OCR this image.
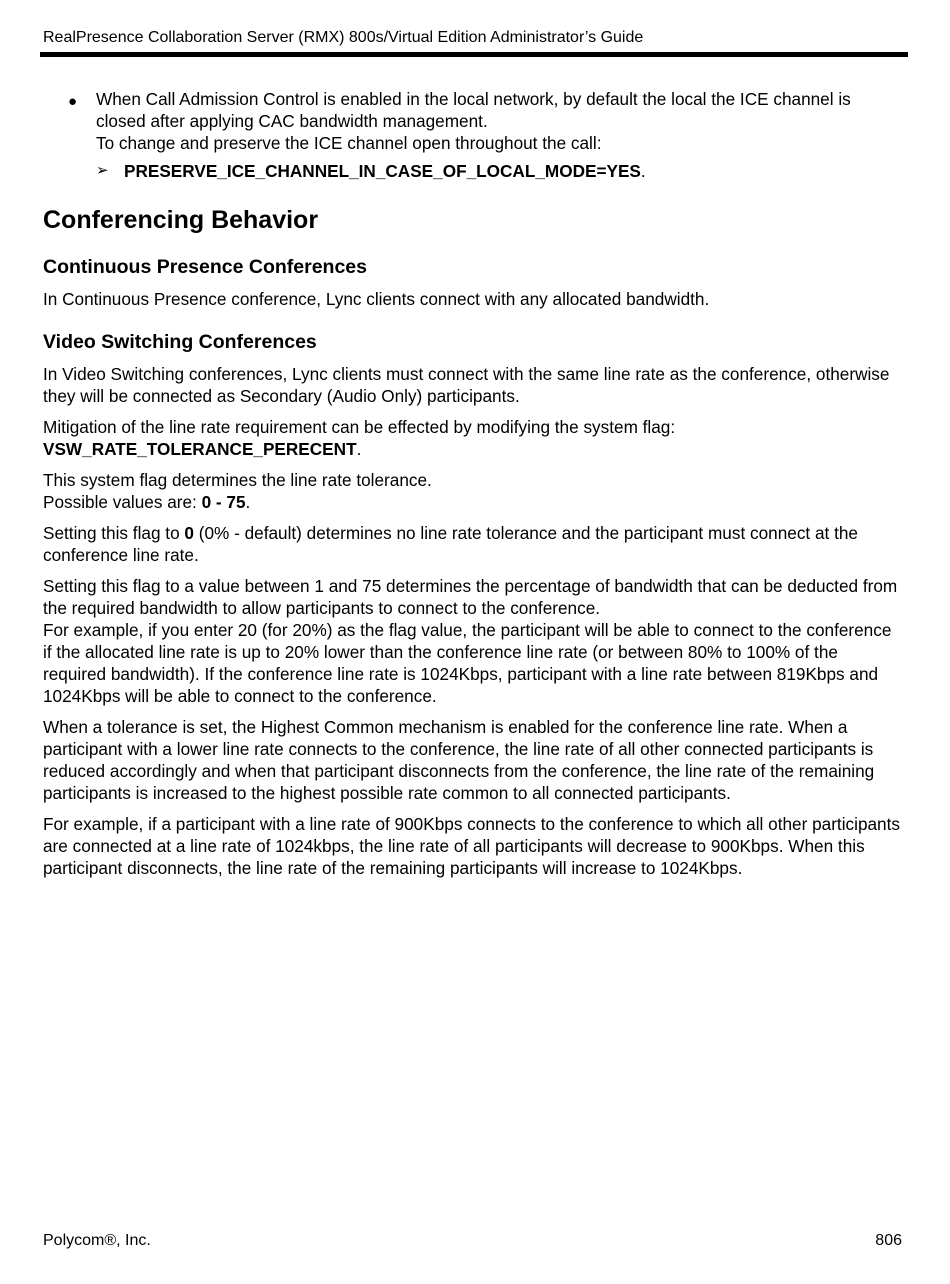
RealPresence Collaboration Server (RMX) 800s/Virtual Edition Administrator’s Guide
● When Call Admission Control is enabled in the local network, by default the local the ICE channel is closed after applying CAC bandwidth management.

To change and preserve the ICE channel open throughout the call:

➢ PRESERVE_ICE_CHANNEL_IN_CASE_OF_LOCAL_MODE=YES.
Conferencing Behavior
Continuous Presence Conferences

In Continuous Presence conference, Lync clients connect with any allocated bandwidth.

Video Switching Conferences

In Video Switching conferences, Lync clients must connect with the same line rate as the conference, otherwise they will be connected as Secondary (Audio Only) participants.

Mitigation of the line rate requirement can be effected by modifying the system flag:
VSW_RATE_TOLERANCE_PERECENT.

This system flag determines the line rate tolerance.
Possible values are: 0 - 75.

Setting this flag to 0 (0% - default) determines no line rate tolerance and the participant must connect at the conference line rate.

Setting this flag to a value between 1 and 75 determines the percentage of bandwidth that can be deducted from the required bandwidth to allow participants to connect to the conference.
For example, if you enter 20 (for 20%) as the flag value, the participant will be able to connect to the conference if the allocated line rate is up to 20% lower than the conference line rate (or between 80% to 100% of the required bandwidth). If the conference line rate is 1024Kbps, participant with a line rate between 819Kbps and 1024Kbps will be able to connect to the conference.

When a tolerance is set, the Highest Common mechanism is enabled for the conference line rate. When a participant with a lower line rate connects to the conference, the line rate of all other connected participants is reduced accordingly and when that participant disconnects from the conference, the line rate of the remaining participants is increased to the highest possible rate common to all connected participants.

For example, if a participant with a line rate of 900Kbps connects to the conference to which all other participants are connected at a line rate of 1024kbps, the line rate of all participants will decrease to 900Kbps. When this participant disconnects, the line rate of the remaining participants will increase to 1024Kbps.

Polycom®, Inc.	806
